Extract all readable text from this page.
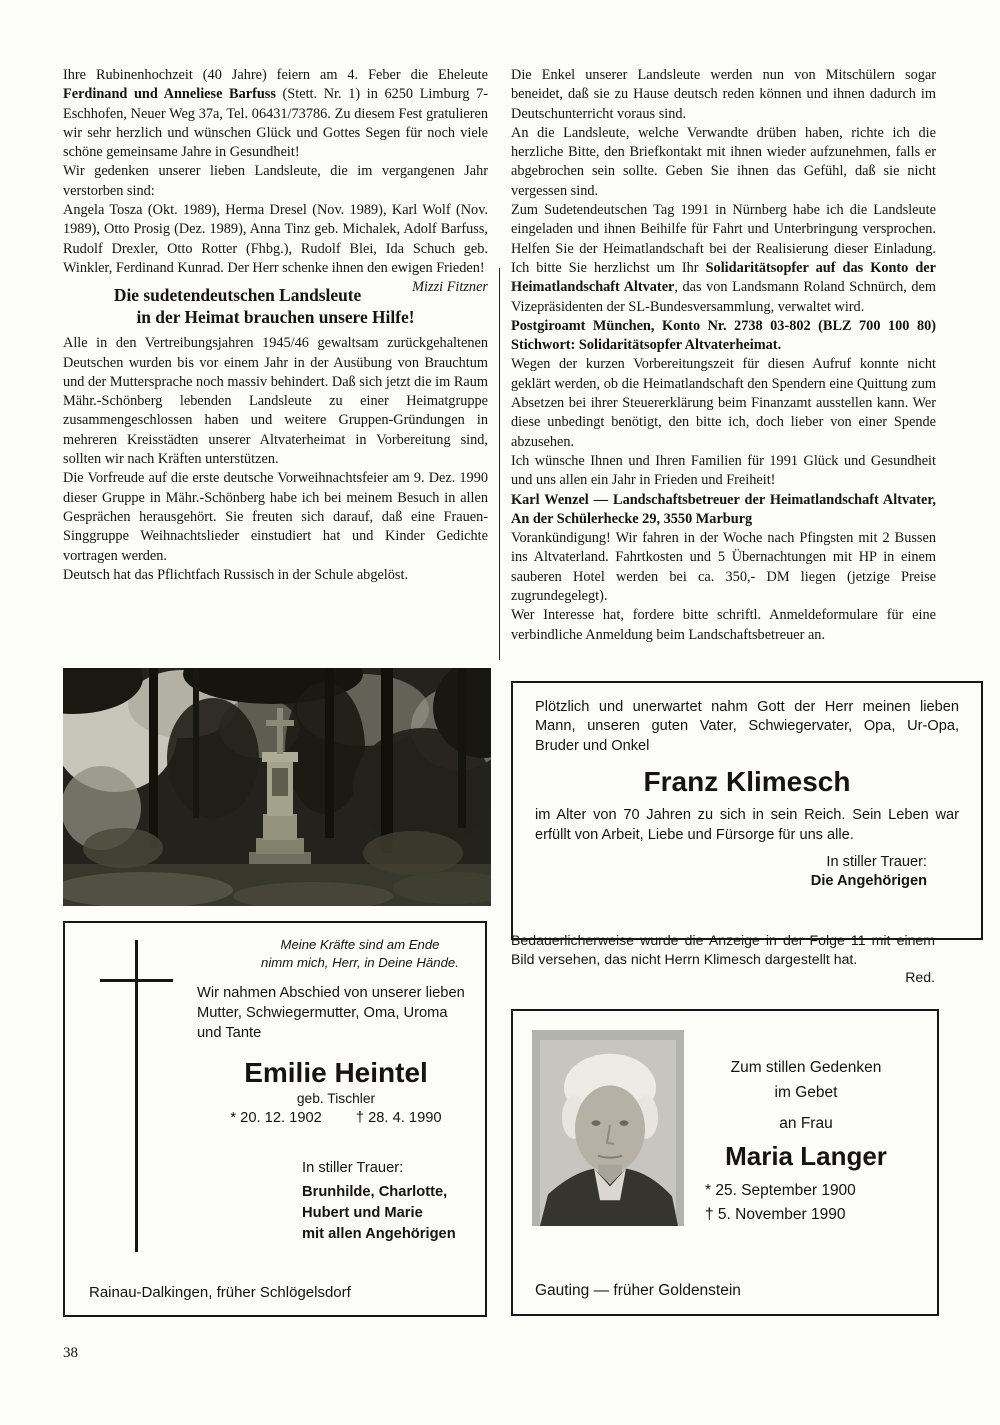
Ihre Rubinenhochzeit (40 Jahre) feiern am 4. Feber die Eheleute Ferdinand und Anneliese Barfuss (Stett. Nr. 1) in 6250 Limburg 7-Eschhofen, Neuer Weg 37a, Tel. 06431/73786. Zu diesem Fest gratulieren wir sehr herzlich und wünschen Glück und Gottes Segen für noch viele schöne gemeinsame Jahre in Gesundheit!

Wir gedenken unserer lieben Landsleute, die im vergangenen Jahr verstorben sind:

Angela Tosza (Okt. 1989), Herma Dresel (Nov. 1989), Karl Wolf (Nov. 1989), Otto Prosig (Dez. 1989), Anna Tinz geb. Michalek, Adolf Barfuss, Rudolf Drexler, Otto Rotter (Fhbg.), Rudolf Blei, Ida Schuch geb. Winkler, Ferdinand Kunrad. Der Herr schenke ihnen den ewigen Frieden!
Mizzi Fitzner

Die sudetendeutschen Landsleute
in der Heimat brauchen unsere Hilfe!

Alle in den Vertreibungsjahren 1945/46 gewaltsam zurückgehaltenen Deutschen wurden bis vor einem Jahr in der Ausübung von Brauchtum und der Muttersprache noch massiv behindert. Daß sich jetzt die im Raum Mähr.-Schönberg lebenden Landsleute zu einer Heimatgruppe zusammengeschlossen haben und weitere Gruppen-Gründungen in mehreren Kreisstädten unserer Altvaterheimat in Vorbereitung sind, sollten wir nach Kräften unterstützen.

Die Vorfreude auf die erste deutsche Vorweihnachtsfeier am 9. Dez. 1990 dieser Gruppe in Mähr.-Schönberg habe ich bei meinem Besuch in allen Gesprächen herausgehört. Sie freuten sich darauf, daß eine Frauen-Singgruppe Weihnachtslieder einstudiert hat und Kinder Gedichte vortragen werden.

Deutsch hat das Pflichtfach Russisch in der Schule abgelöst.

Die Enkel unserer Landsleute werden nun von Mitschülern sogar beneidet, daß sie zu Hause deutsch reden können und ihnen dadurch im Deutschunterricht voraus sind.

An die Landsleute, welche Verwandte drüben haben, richte ich die herzliche Bitte, den Briefkontakt mit ihnen wieder aufzunehmen, falls er abgebrochen sein sollte. Geben Sie ihnen das Gefühl, daß sie nicht vergessen sind.

Zum Sudetendeutschen Tag 1991 in Nürnberg habe ich die Landsleute eingeladen und ihnen Beihilfe für Fahrt und Unterbringung versprochen. Helfen Sie der Heimatlandschaft bei der Realisierung dieser Einladung. Ich bitte Sie herzlichst um Ihr Solidaritätsopfer auf das Konto der Heimatlandschaft Altvater, das von Landsmann Roland Schnürch, dem Vizepräsidenten der SL-Bundesversammlung, verwaltet wird.

Postgiroamt München, Konto Nr. 2738 03-802 (BLZ 700 100 80) Stichwort: Solidaritätsopfer Altvaterheimat.

Wegen der kurzen Vorbereitungszeit für diesen Aufruf konnte nicht geklärt werden, ob die Heimatlandschaft den Spendern eine Quittung zum Absetzen bei ihrer Steuererklärung beim Finanzamt ausstellen kann. Wer diese unbedingt benötigt, den bitte ich, doch lieber von einer Spende abzusehen.

Ich wünsche Ihnen und Ihren Familien für 1991 Glück und Gesundheit und uns allen ein Jahr in Frieden und Freiheit!

Karl Wenzel — Landschaftsbetreuer der Heimatlandschaft Altvater, An der Schülerhecke 29, 3550 Marburg

Vorankündigung! Wir fahren in der Woche nach Pfingsten mit 2 Bussen ins Altvaterland. Fahrtkosten und 5 Übernachtungen mit HP in einem sauberen Hotel werden bei ca. 350,- DM liegen (jetzige Preise zugrundegelegt).

Wer Interesse hat, fordere bitte schriftl. Anmeldeformulare für eine verbindliche Anmeldung beim Landschaftsbetreuer an.

Plötzlich und unerwartet nahm Gott der Herr meinen lieben Mann, unseren guten Vater, Schwiegervater, Opa, Ur-Opa, Bruder und Onkel

Franz Klimesch

im Alter von 70 Jahren zu sich in sein Reich. Sein Leben war erfüllt von Arbeit, Liebe und Fürsorge für uns alle.

In stiller Trauer:
Die Angehörigen

Bedauerlicherweise wurde die Anzeige in der Folge 11 mit einem Bild versehen, das nicht Herrn Klimesch dargestellt hat.

Red.

Meine Kräfte sind am Ende
nimm mich, Herr, in Deine Hände.

Wir nahmen Abschied von unserer lieben Mutter, Schwiegermutter, Oma, Uroma und Tante

Emilie Heintel
geb. Tischler
* 20. 12. 1902 † 28. 4. 1990
In stiller Trauer:
Brunhilde, Charlotte,
Hubert und Marie
mit allen Angehörigen
Rainau-Dalkingen, früher Schlögelsdorf
Zum stillen Gedenken
im Gebet
an Frau
Maria Langer
* 25. September 1900
† 5. November 1990
Gauting — früher Goldenstein
38
